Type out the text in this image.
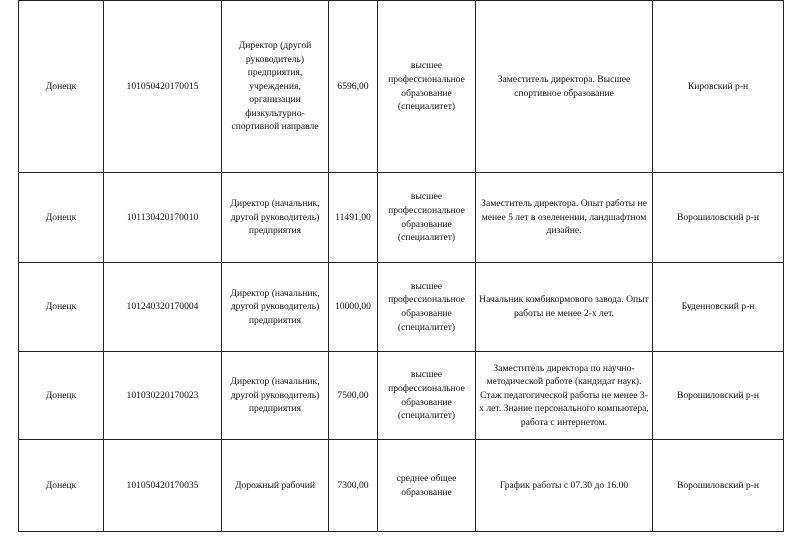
Донецк	101050420170015	Директор (другой руководитель) предприятия, учреждения, организации физкультурно-спортивной направле	6596,00	высшее профессиональное образование (специалитет)	Заместитель директора. Высшее спортивное образование	Кировский р-н
Донецк	101130420170010	Директор (начальник, другой руководитель) предприятия	11491,00	высшее профессиональное образование (специалитет)	Заместитель директора. Опыт работы не менее 5 лет в озеленении, ландшафтном дизайне.	Ворошиловский р-н
Донецк	101240320170004	Директор (начальник, другой руководитель) предприятия	10000,00	высшее профессиональное образование (специалитет)	Начальник комбикормового завода. Опыт работы не менее 2-х лет.	Буденновский р-н
Донецк	101030220170023	Директор (начальник, другой руководитель) предприятия	7500,00	высшее профессиональное образование (специалитет)	Заместитель директора по научно-методической работе (кандидат наук). Стаж педагогической работы не менее 3-х лет. Знание персонального компьютера, работа с интернетом.	Ворошиловский р-н
Донецк	101050420170035	Дорожный рабочий	7300,00	среднее общее образование	График работы с 07.30 до 16.00	Ворошиловский р-н
